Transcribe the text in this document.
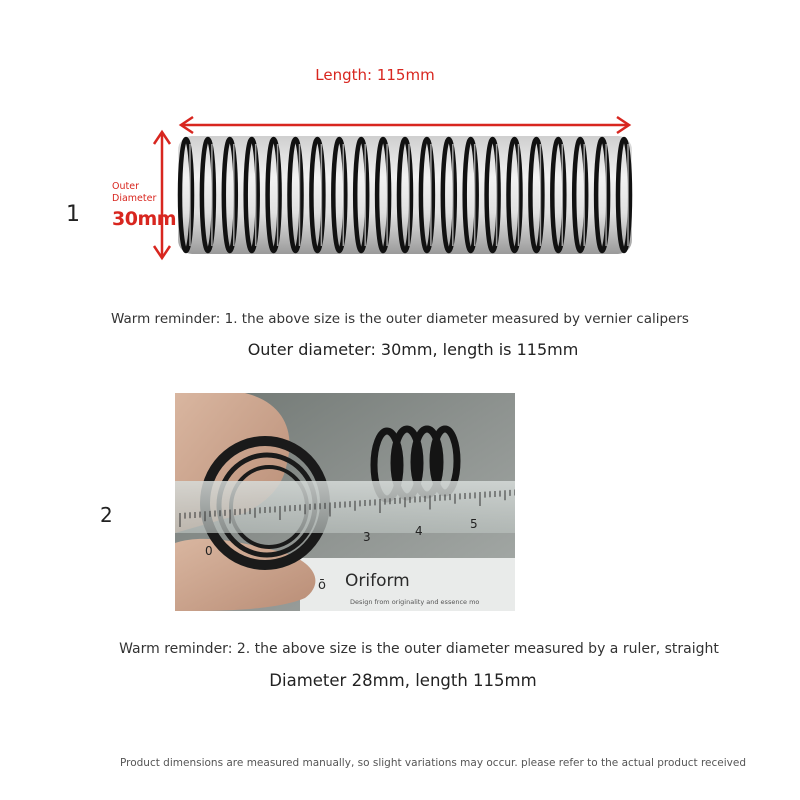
Length: 115mm
Outer
Diameter
30mm
1
Warm reminder: 1. the above size is the outer diameter measured by vernier calipers
Outer diameter: 30mm, length is 115mm
2
0
3	4	5
Oriform
Design from originality and essence mo
ō
Warm reminder: 2. the above size is the outer diameter measured by a ruler, straight
Diameter 28mm, length 115mm
Product dimensions are measured manually, so slight variations may occur. please refer to the actual product received
